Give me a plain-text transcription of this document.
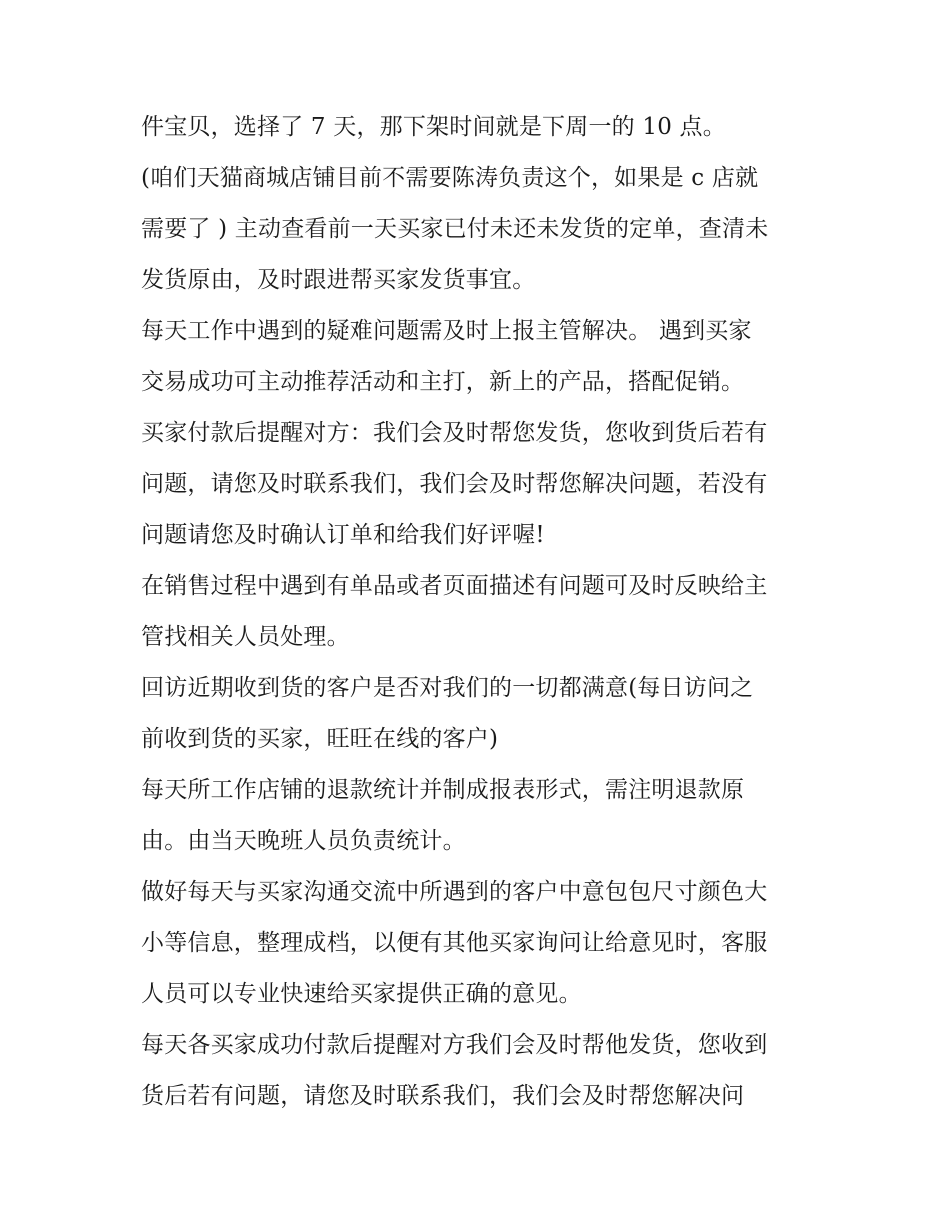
件宝贝，选择了 7 天，那下架时间就是下周一的 10 点。
(咱们天猫商城店铺目前不需要陈涛负责这个，如果是 c 店就
需要了 ) 主动查看前一天买家已付未还未发货的定单，查清未
发货原由，及时跟进帮买家发货事宜。
每天工作中遇到的疑难问题需及时上报主管解决。 遇到买家
交易成功可主动推荐活动和主打，新上的产品，搭配促销。
买家付款后提醒对方：我们会及时帮您发货，您收到货后若有
问题，请您及时联系我们，我们会及时帮您解决问题，若没有
问题请您及时确认订单和给我们好评喔!
在销售过程中遇到有单品或者页面描述有问题可及时反映给主
管找相关人员处理。
回访近期收到货的客户是否对我们的一切都满意(每日访问之
前收到货的买家，旺旺在线的客户)
每天所工作店铺的退款统计并制成报表形式，需注明退款原
由。由当天晚班人员负责统计。
做好每天与买家沟通交流中所遇到的客户中意包包尺寸颜色大
小等信息，整理成档，以便有其他买家询问让给意见时，客服
人员可以专业快速给买家提供正确的意见。
每天各买家成功付款后提醒对方我们会及时帮他发货，您收到
货后若有问题，请您及时联系我们，我们会及时帮您解决问
